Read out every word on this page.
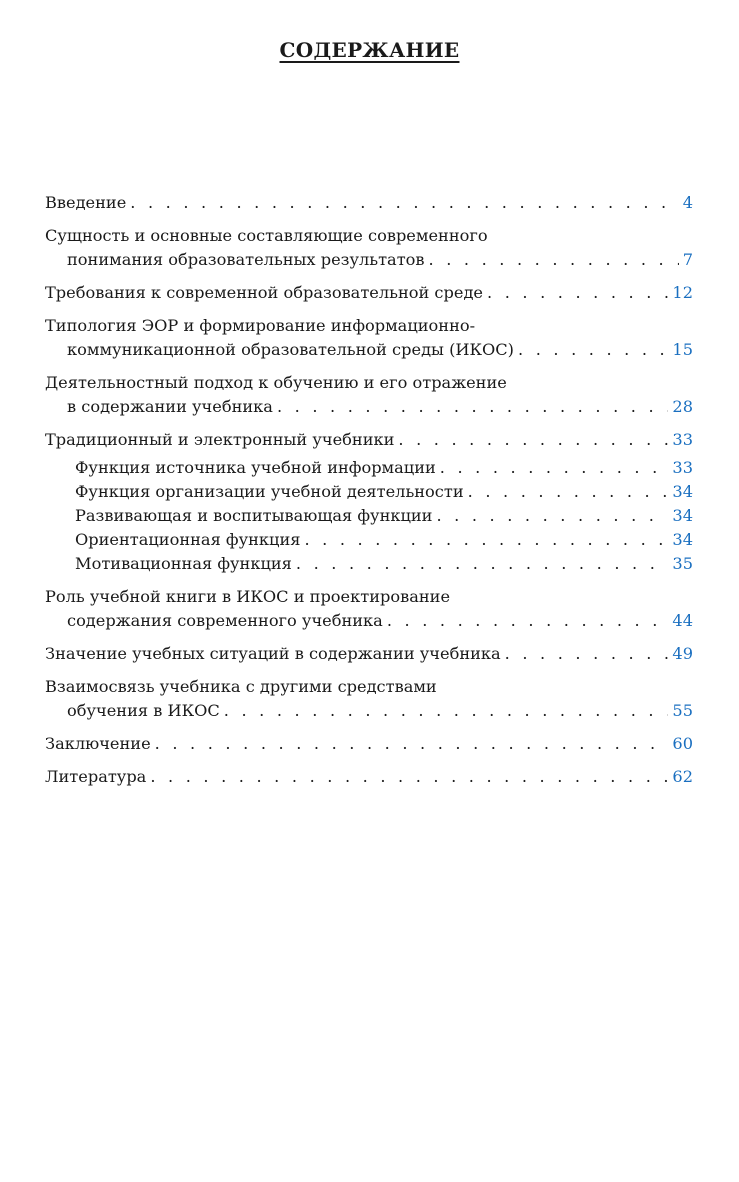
СОДЕРЖАНИЕ
Введение . . .	4
Сущность и основные составляющие современного
понимания образовательных результатов . . .	7
Требования к современной образовательной среде . . .	12
Типология ЭОР и формирование информационно-
коммуникационной образовательной среды (ИКОС) . . .	15
Деятельностный подход к обучению и его отражение
в содержании учебника . . .	28
Традиционный и электронный учебники . . .	33
Функция источника учебной информации . . .	33
Функция организации учебной деятельности . . .	34
Развивающая и воспитывающая функции . . .	34
Ориентационная функция . . .	34
Мотивационная функция . . .	35
Роль учебной книги в ИКОС и проектирование
содержания современного учебника . . .	44
Значение учебных ситуаций в содержании учебника . . .	49
Взаимосвязь учебника с другими средствами
обучения в ИКОС . . .	55
Заключение . . .	60
Литература . . .	62
